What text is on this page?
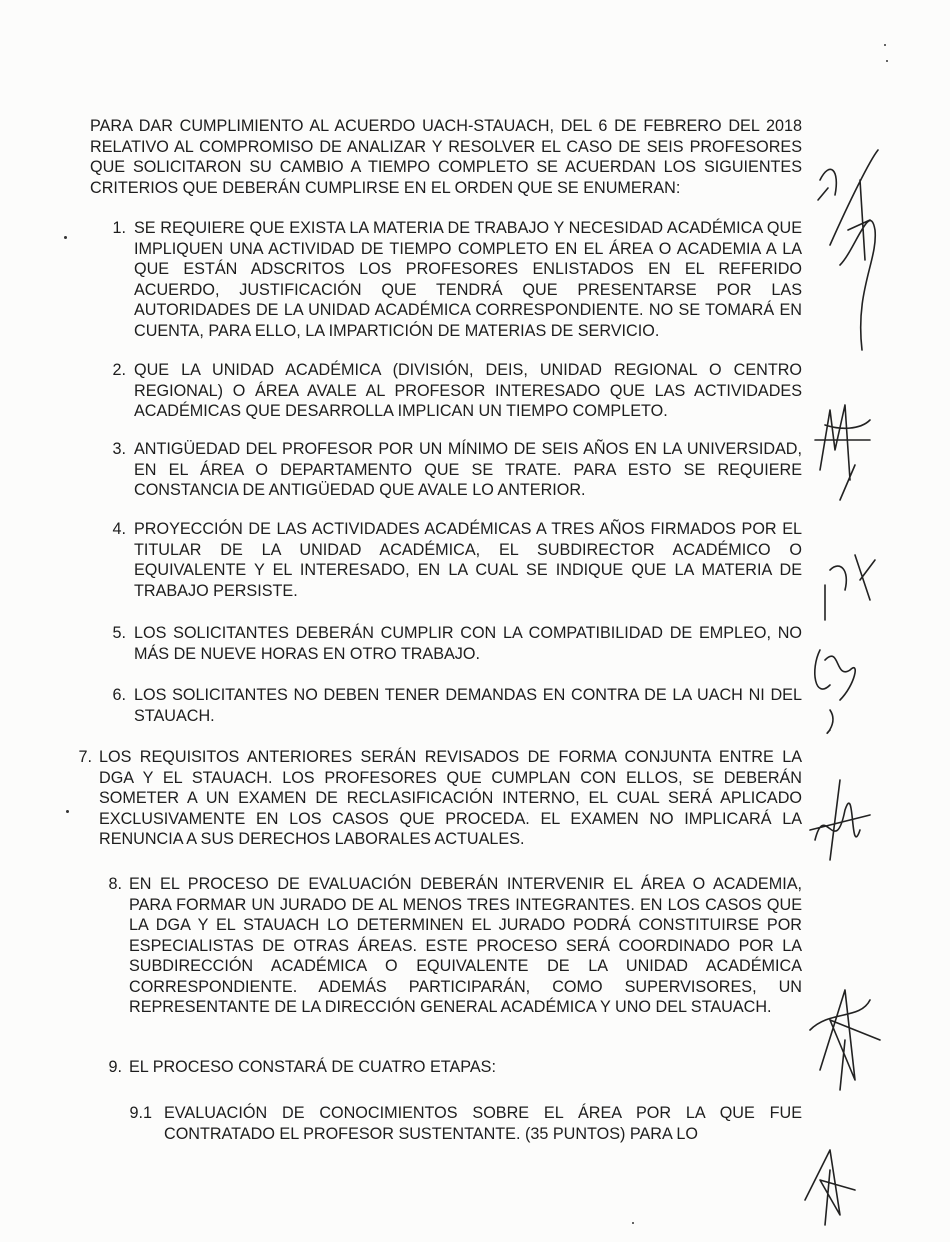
PARA DAR CUMPLIMIENTO AL ACUERDO UACH-STAUACH, DEL 6 DE FEBRERO DEL 2018 RELATIVO AL COMPROMISO DE ANALIZAR Y RESOLVER EL CASO DE SEIS PROFESORES QUE SOLICITARON SU CAMBIO A TIEMPO COMPLETO SE ACUERDAN LOS SIGUIENTES CRITERIOS QUE DEBERÁN CUMPLIRSE EN EL ORDEN QUE SE ENUMERAN:
1. SE REQUIERE QUE EXISTA LA MATERIA DE TRABAJO Y NECESIDAD ACADÉMICA QUE IMPLIQUEN UNA ACTIVIDAD DE TIEMPO COMPLETO EN EL ÁREA O ACADEMIA A LA QUE ESTÁN ADSCRITOS LOS PROFESORES ENLISTADOS EN EL REFERIDO ACUERDO, JUSTIFICACIÓN QUE TENDRÁ QUE PRESENTARSE POR LAS AUTORIDADES DE LA UNIDAD ACADÉMICA CORRESPONDIENTE. NO SE TOMARÁ EN CUENTA, PARA ELLO, LA IMPARTICIÓN DE MATERIAS DE SERVICIO.
2. QUE LA UNIDAD ACADÉMICA (DIVISIÓN, DEIS, UNIDAD REGIONAL O CENTRO REGIONAL) O ÁREA AVALE AL PROFESOR INTERESADO QUE LAS ACTIVIDADES ACADÉMICAS QUE DESARROLLA IMPLICAN UN TIEMPO COMPLETO.
3. ANTIGÜEDAD DEL PROFESOR POR UN MÍNIMO DE SEIS AÑOS EN LA UNIVERSIDAD, EN EL ÁREA O DEPARTAMENTO QUE SE TRATE. PARA ESTO SE REQUIERE CONSTANCIA DE ANTIGÜEDAD QUE AVALE LO ANTERIOR.
4. PROYECCIÓN DE LAS ACTIVIDADES ACADÉMICAS A TRES AÑOS FIRMADOS POR EL TITULAR DE LA UNIDAD ACADÉMICA, EL SUBDIRECTOR ACADÉMICO O EQUIVALENTE Y EL INTERESADO, EN LA CUAL SE INDIQUE QUE LA MATERIA DE TRABAJO PERSISTE.
5. LOS SOLICITANTES DEBERÁN CUMPLIR CON LA COMPATIBILIDAD DE EMPLEO, NO MÁS DE NUEVE HORAS EN OTRO TRABAJO.
6. LOS SOLICITANTES NO DEBEN TENER DEMANDAS EN CONTRA DE LA UACH NI DEL STAUACH.
7. LOS REQUISITOS ANTERIORES SERÁN REVISADOS DE FORMA CONJUNTA ENTRE LA DGA Y EL STAUACH. LOS PROFESORES QUE CUMPLAN CON ELLOS, SE DEBERÁN SOMETER A UN EXAMEN DE RECLASIFICACIÓN INTERNO, EL CUAL SERÁ APLICADO EXCLUSIVAMENTE EN LOS CASOS QUE PROCEDA. EL EXAMEN NO IMPLICARÁ LA RENUNCIA A SUS DERECHOS LABORALES ACTUALES.
8. EN EL PROCESO DE EVALUACIÓN DEBERÁN INTERVENIR EL ÁREA O ACADEMIA, PARA FORMAR UN JURADO DE AL MENOS TRES INTEGRANTES. EN LOS CASOS QUE LA DGA Y EL STAUACH LO DETERMINEN EL JURADO PODRÁ CONSTITUIRSE POR ESPECIALISTAS DE OTRAS ÁREAS. ESTE PROCESO SERÁ COORDINADO POR LA SUBDIRECCIÓN ACADÉMICA O EQUIVALENTE DE LA UNIDAD ACADÉMICA CORRESPONDIENTE. ADEMÁS PARTICIPARÁN, COMO SUPERVISORES, UN REPRESENTANTE DE LA DIRECCIÓN GENERAL ACADÉMICA Y UNO DEL STAUACH.
9. EL PROCESO CONSTARÁ DE CUATRO ETAPAS:
9.1 EVALUACIÓN DE CONOCIMIENTOS SOBRE EL ÁREA POR LA QUE FUE CONTRATADO EL PROFESOR SUSTENTANTE. (35 PUNTOS) PARA LO
